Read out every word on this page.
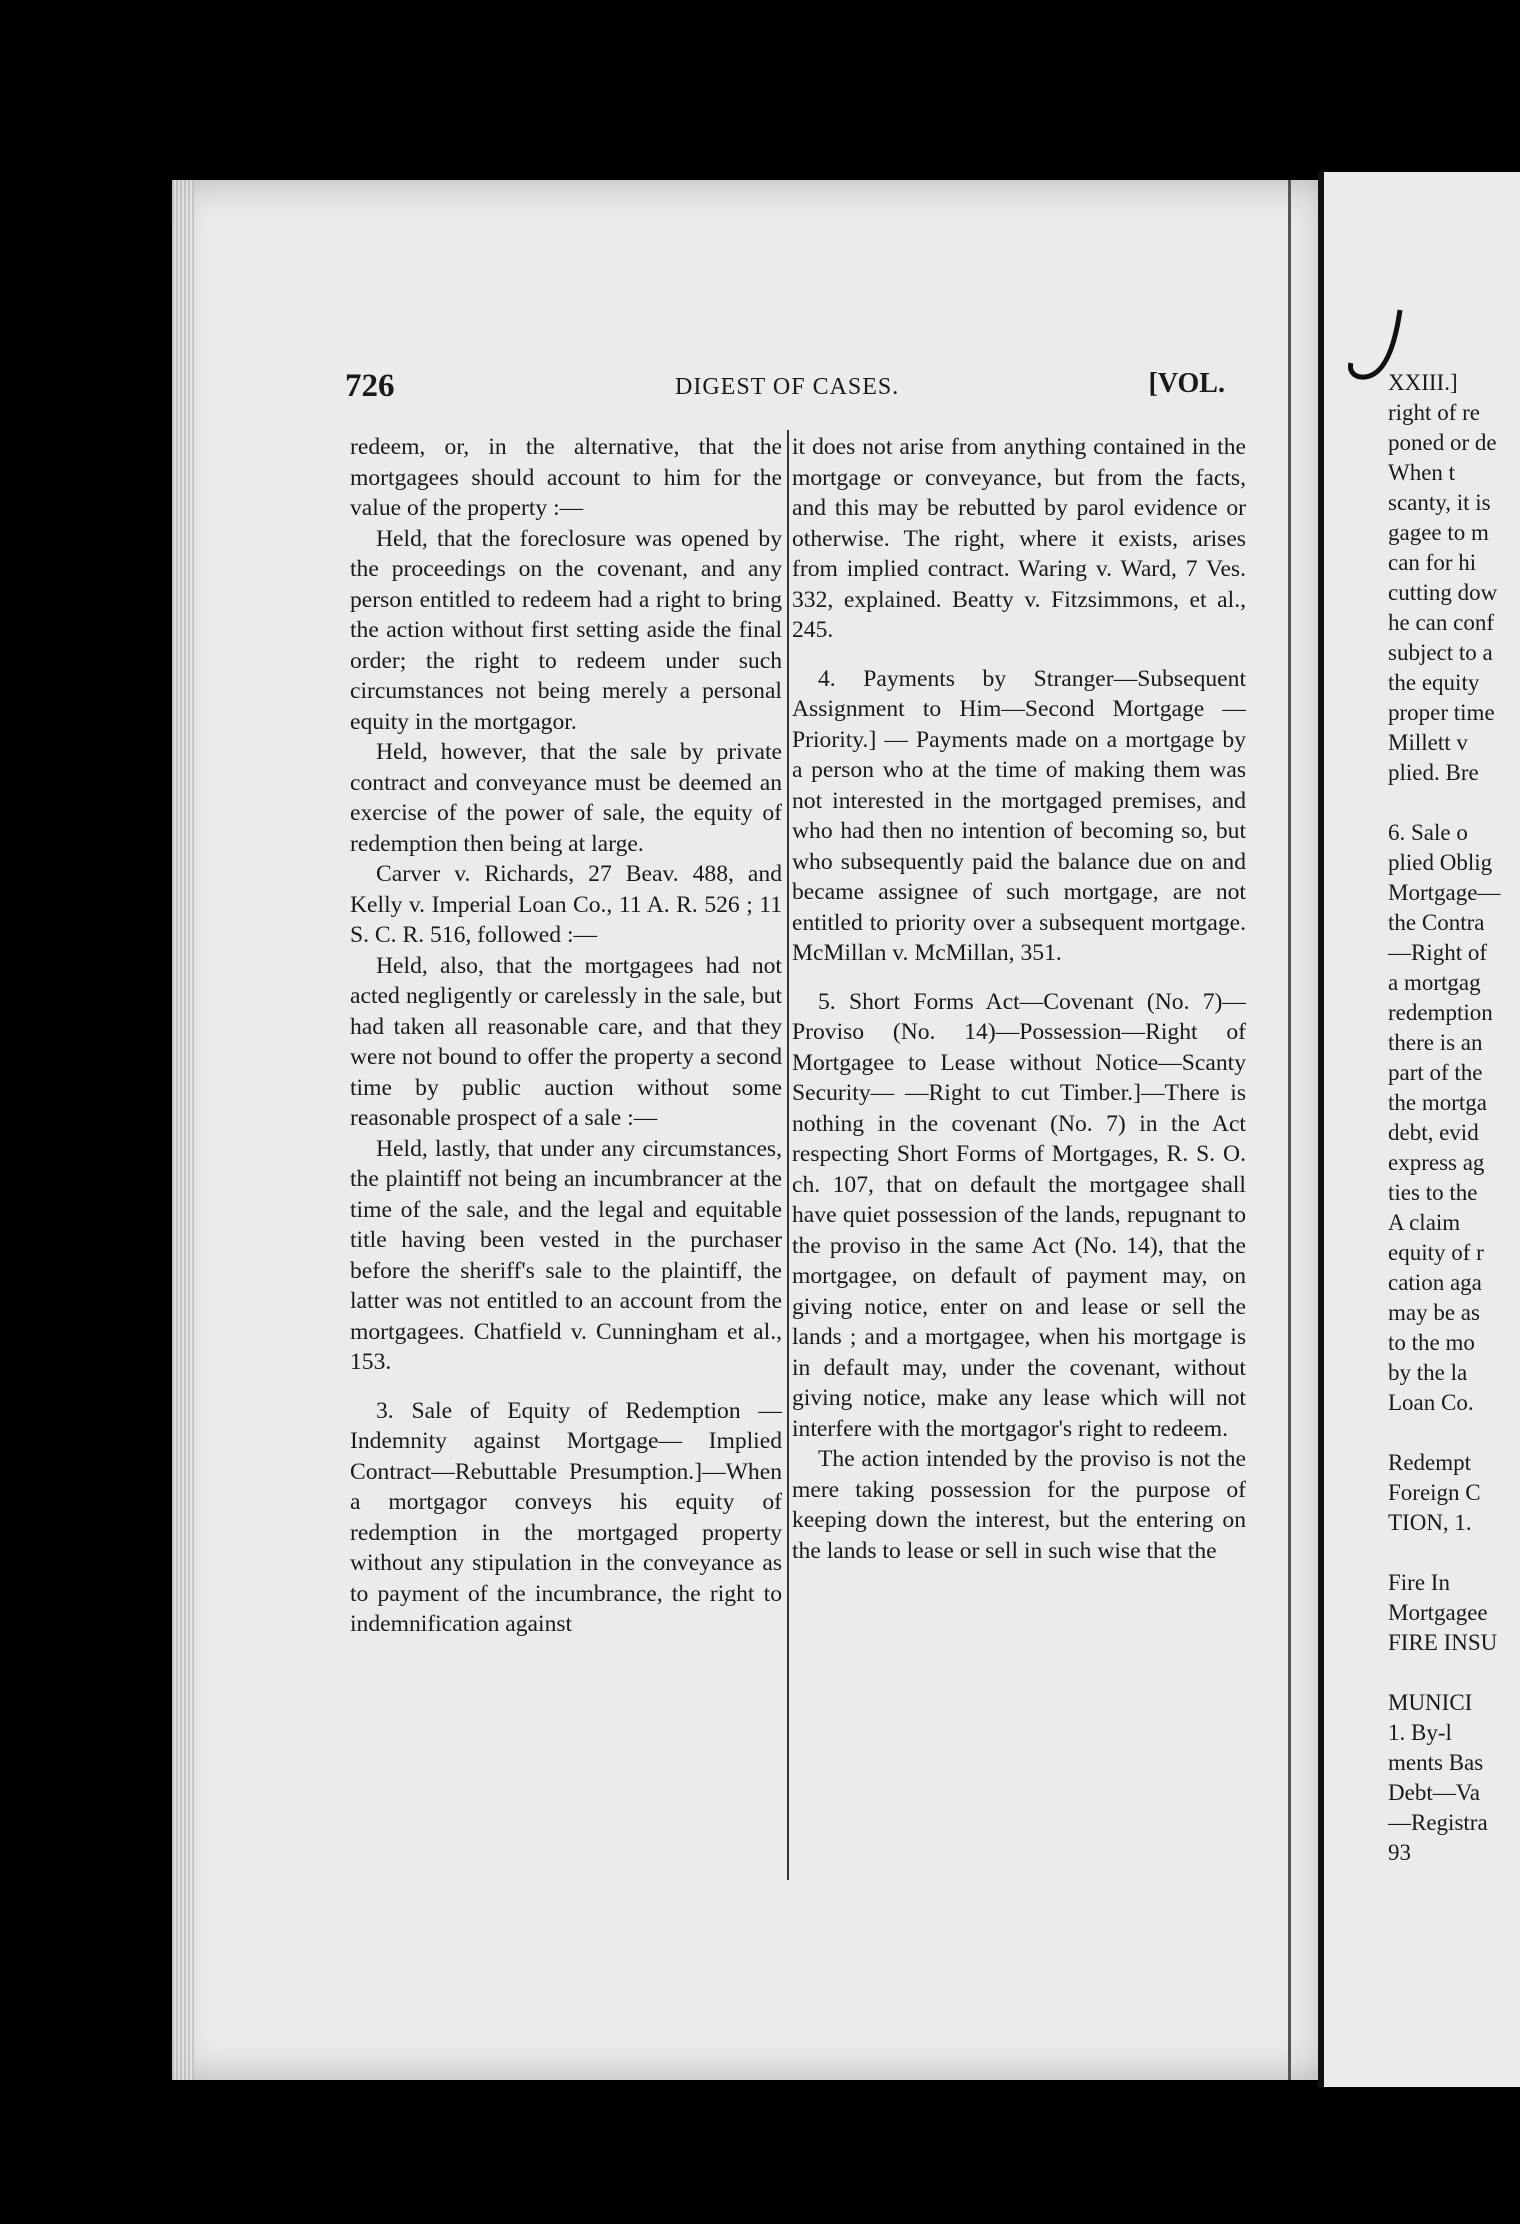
726	DIGEST OF CASES.	[VOL.

redeem, or, in the alternative, that the mortgagees should account to him for the value of the property :—

Held, that the foreclosure was opened by the proceedings on the covenant, and any person entitled to redeem had a right to bring the action without first setting aside the final order; the right to redeem under such circumstances not being merely a personal equity in the mortgagor.

Held, however, that the sale by private contract and conveyance must be deemed an exercise of the power of sale, the equity of redemption then being at large.

Carver v. Richards, 27 Beav. 488, and Kelly v. Imperial Loan Co., 11 A. R. 526 ; 11 S. C. R. 516, followed :—

Held, also, that the mortgagees had not acted negligently or carelessly in the sale, but had taken all reasonable care, and that they were not bound to offer the property a second time by public auction without some reasonable prospect of a sale :—

Held, lastly, that under any circumstances, the plaintiff not being an incumbrancer at the time of the sale, and the legal and equitable title having been vested in the purchaser before the sheriff's sale to the plaintiff, the latter was not entitled to an account from the mortgagees. Chatfield v. Cunningham et al., 153.

3. Sale of Equity of Redemption — Indemnity against Mortgage— Implied Contract—Rebuttable Presumption.]—When a mortgagor conveys his equity of redemption in the mortgaged property without any stipulation in the conveyance as to payment of the incumbrance, the right to indemnification against

it does not arise from anything contained in the mortgage or conveyance, but from the facts, and this may be rebutted by parol evidence or otherwise. The right, where it exists, arises from implied contract. Waring v. Ward, 7 Ves. 332, explained. Beatty v. Fitzsimmons, et al., 245.

4. Payments by Stranger—Subsequent Assignment to Him—Second Mortgage — Priority.] — Payments made on a mortgage by a person who at the time of making them was not interested in the mortgaged premises, and who had then no intention of becoming so, but who subsequently paid the balance due on and became assignee of such mortgage, are not entitled to priority over a subsequent mortgage. McMillan v. McMillan, 351.

5. Short Forms Act—Covenant (No. 7)—Proviso (No. 14)—Possession—Right of Mortgagee to Lease without Notice—Scanty Security— —Right to cut Timber.]—There is nothing in the covenant (No. 7) in the Act respecting Short Forms of Mortgages, R. S. O. ch. 107, that on default the mortgagee shall have quiet possession of the lands, repugnant to the proviso in the same Act (No. 14), that the mortgagee, on default of payment may, on giving notice, enter on and lease or sell the lands ; and a mortgagee, when his mortgage is in default may, under the covenant, without giving notice, make any lease which will not interfere with the mortgagor's right to redeem.

The action intended by the proviso is not the mere taking possession for the purpose of keeping down the interest, but the entering on the lands to lease or sell in such wise that the

XXIII.]
right of re
poned or de
When t
scanty, it is
gagee to m
can for hi
cutting dow
he can conf
subject to a
the equity
proper time
Millett v
plied. Bre
6. Sale o
plied Oblig
Mortgage—
the Contra
—Right of
a mortgag
redemption
there is an
part of the
the mortga
debt, evid
express ag
ties to the
A claim
equity of r
cation aga
may be as
to the mo
by the la
Loan Co.
Redempt
Foreign C
TION, 1.
Fire In
Mortgagee
FIRE INSU
MUNICI
1. By-l
ments Bas
Debt—Va
—Registra
93
